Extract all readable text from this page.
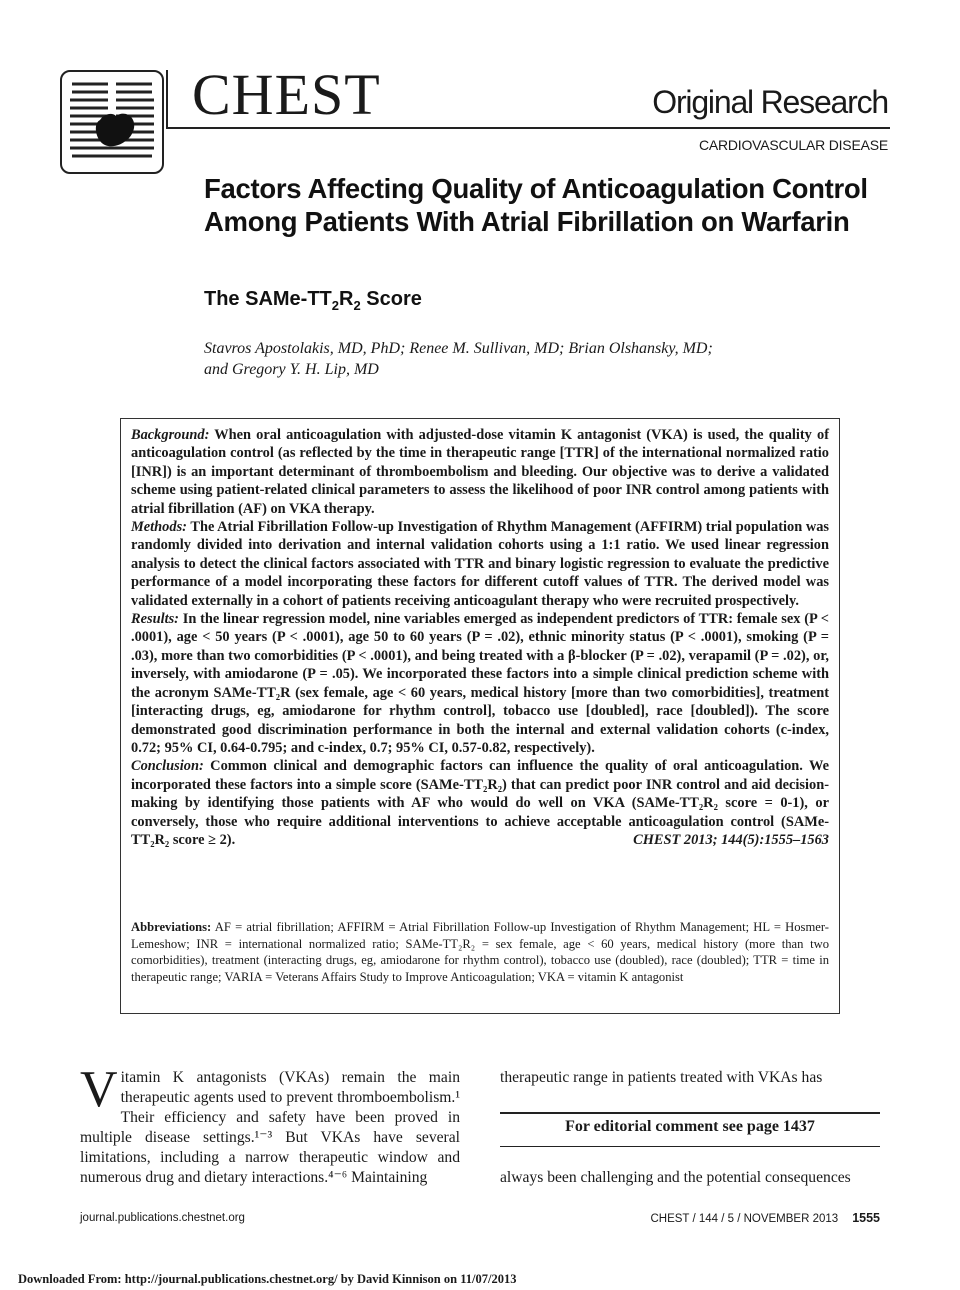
CHEST	Original Research
CARDIOVASCULAR DISEASE
Factors Affecting Quality of Anticoagulation Control Among Patients With Atrial Fibrillation on Warfarin
The SAMe-$TT_2R_2$ Score
Stavros Apostolakis, MD, PhD; Renee M. Sullivan, MD; Brian Olshansky, MD;
and Gregory Y. H. Lip, MD

Background: When oral anticoagulation with adjusted-dose vitamin K antagonist (VKA) is used, the quality of anticoagulation control (as reflected by the time in therapeutic range [TTR] of the international normalized ratio [INR]) is an important determinant of thromboembolism and bleeding. Our objective was to derive a validated scheme using patient-related clinical parameters to assess the likelihood of poor INR control among patients with atrial fibrillation (AF) on VKA therapy.

Methods: The Atrial Fibrillation Follow-up Investigation of Rhythm Management (AFFIRM) trial population was randomly divided into derivation and internal validation cohorts using a 1:1 ratio. We used linear regression analysis to detect the clinical factors associated with TTR and binary logistic regression to evaluate the predictive performance of a model incorporating these factors for different cutoff values of TTR. The derived model was validated externally in a cohort of patients receiving anticoagulant therapy who were recruited prospectively.

Results: In the linear regression model, nine variables emerged as independent predictors of TTR: female sex (P < .0001), age < 50 years (P < .0001), age 50 to 60 years (P = .02), ethnic minority status (P < .0001), smoking (P = .03), more than two comorbidities (P < .0001), and being treated with a β-blocker (P = .02), verapamil (P = .02), or, inversely, with amiodarone (P = .05). We incorporated these factors into a simple clinical prediction scheme with the acronym SAMe-TT₂R (sex female, age < 60 years, medical history [more than two comorbidities], treatment [interacting drugs, eg, amiodarone for rhythm control], tobacco use [doubled], race [doubled]). The score demonstrated good discrimination performance in both the internal and external validation cohorts (c-index, 0.72; 95% CI, 0.64-0.795; and c-index, 0.7; 95% CI, 0.57-0.82, respectively).

Conclusion: Common clinical and demographic factors can influence the quality of oral anticoagulation. We incorporated these factors into a simple score (SAMe-TT₂R₂) that can predict poor INR control and aid decision-making by identifying those patients with AF who would do well on VKA (SAMe-TT₂R₂ score = 0-1), or conversely, those who require additional interventions to achieve acceptable anticoagulation control (SAMe-TT₂R₂ score ≥ 2).	CHEST 2013; 144(5):1555–1563

Abbreviations: AF = atrial fibrillation; AFFIRM = Atrial Fibrillation Follow-up Investigation of Rhythm Management; HL = Hosmer-Lemeshow; INR = international normalized ratio; SAMe-TT₂R₂ = sex female, age < 60 years, medical history (more than two comorbidities), treatment (interacting drugs, eg, amiodarone for rhythm control), tobacco use (doubled), race (doubled); TTR = time in therapeutic range; VARIA = Veterans Affairs Study to Improve Anticoagulation; VKA = vitamin K antagonist
Vitamin K antagonists (VKAs) remain the main therapeutic agents used to prevent thromboembolism.¹ Their efficiency and safety have been proved in multiple disease settings.¹⁻³ But VKAs have several limitations, including a narrow therapeutic window and numerous drug and dietary interactions.⁴⁻⁶ Maintaining
therapeutic range in patients treated with VKAs has
For editorial comment see page 1437
always been challenging and the potential consequences
journal.publications.chestnet.org	CHEST / 144 / 5 / NOVEMBER 2013 1555
Downloaded From: http://journal.publications.chestnet.org/ by David Kinnison on 11/07/2013
